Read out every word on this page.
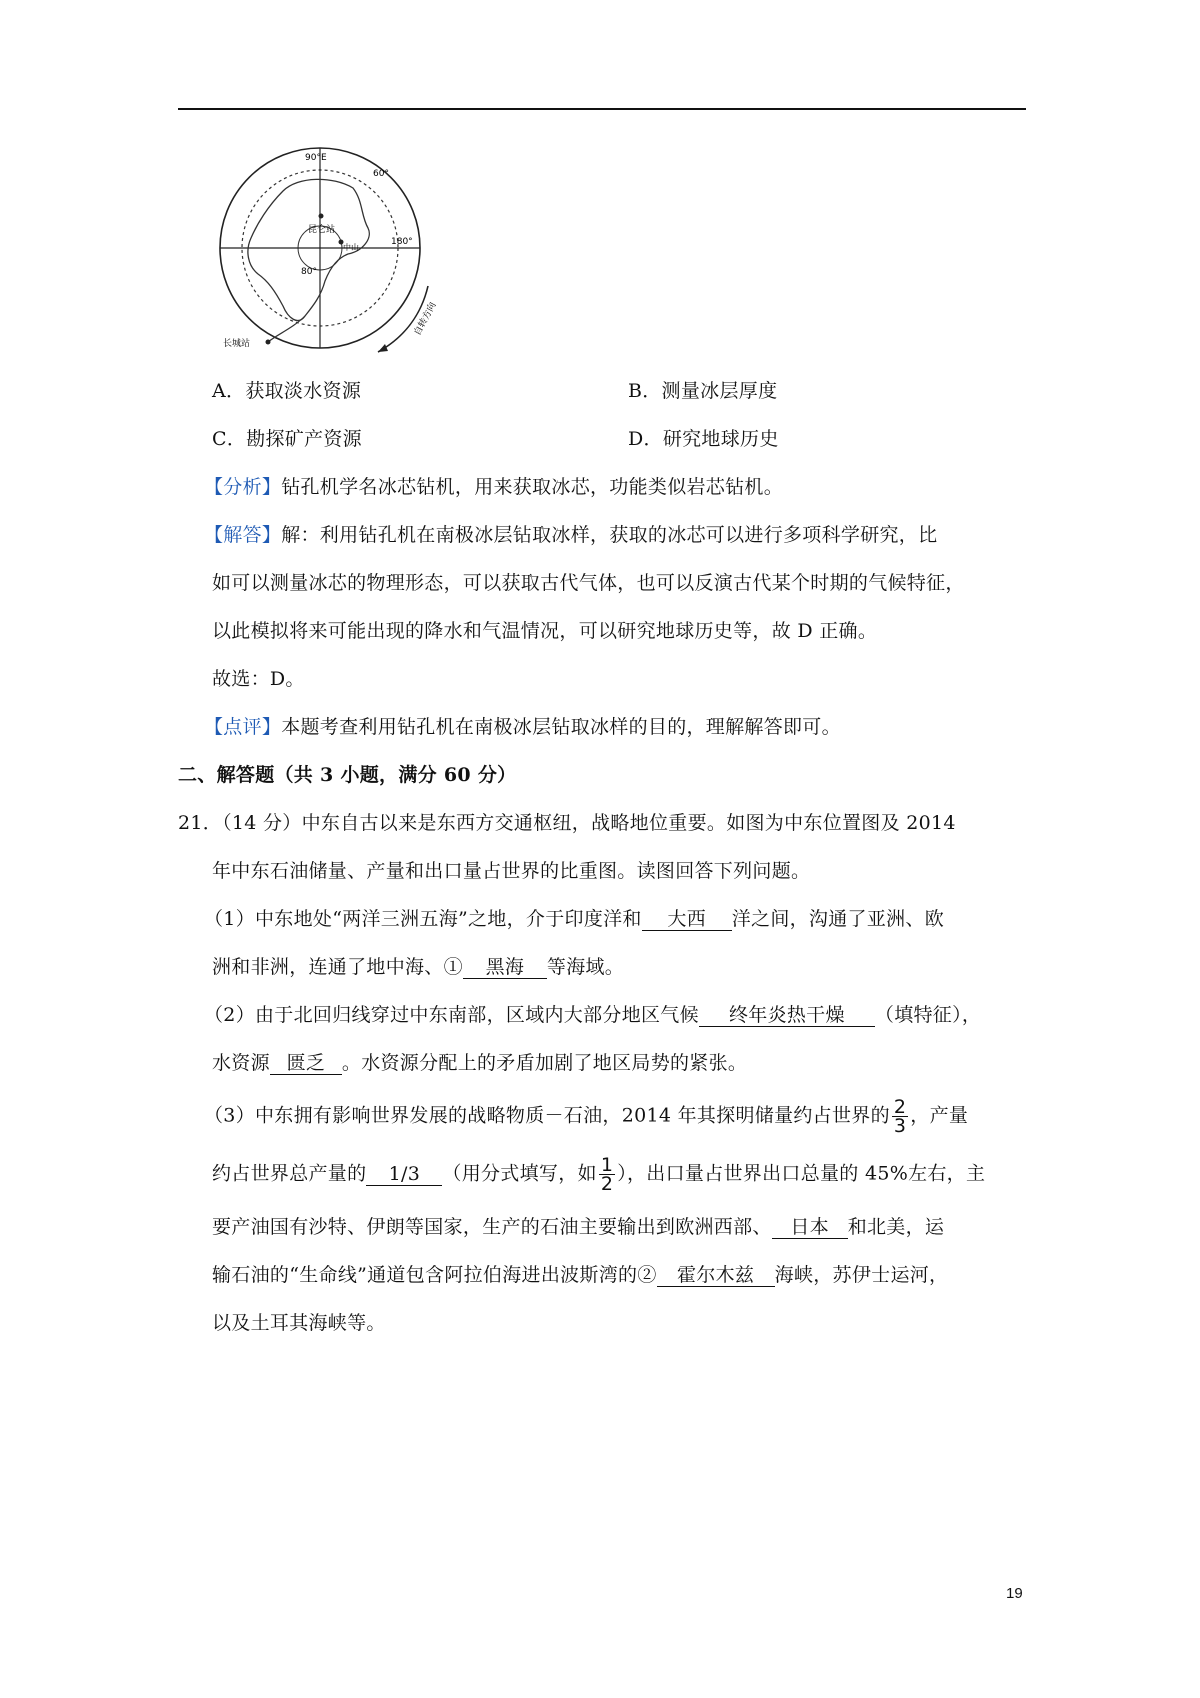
90°E
60°
昆仑站
中山
180°
80°
长城站
自转方向
A．获取淡水资源	B．测量冰层厚度
C．勘探矿产资源	D．研究地球历史
【分析】钻孔机学名冰芯钻机，用来获取冰芯，功能类似岩芯钻机。
【解答】解：利用钻孔机在南极冰层钻取冰样，获取的冰芯可以进行多项科学研究，比
如可以测量冰芯的物理形态，可以获取古代气体，也可以反演古代某个时期的气候特征，
以此模拟将来可能出现的降水和气温情况，可以研究地球历史等，故 D 正确。
故选：D。
【点评】本题考查利用钻孔机在南极冰层钻取冰样的目的，理解解答即可。
二、解答题（共 3 小题，满分 60 分）
21．（14 分）中东自古以来是东西方交通枢纽，战略地位重要。如图为中东位置图及 2014
年中东石油储量、产量和出口量占世界的比重图。读图回答下列问题。
（1）中东地处“两洋三洲五海”之地，介于印度洋和 大西 洋之间，沟通了亚洲、欧
洲和非洲，连通了地中海、① 黑海 等海域。
（2）由于北回归线穿过中东南部，区域内大部分地区气候 终年炎热干燥 （填特征），
水资源 匮乏 。水资源分配上的矛盾加剧了地区局势的紧张。
（3）中东拥有影响世界发展的战略物质－石油，2014 年其探明储量约占世界的 $\frac{2}{3}$ ，产量
约占世界总产量的 1/3 （用分式填写，如 $\frac{1}{2}$ ），出口量占世界出口总量的 45%左右，主
要产油国有沙特、伊朗等国家，生产的石油主要输出到欧洲西部、 日本 和北美，运
输石油的“生命线”通道包含阿拉伯海进出波斯湾的② 霍尔木兹 海峡，苏伊士运河，
以及土耳其海峡等。
19
